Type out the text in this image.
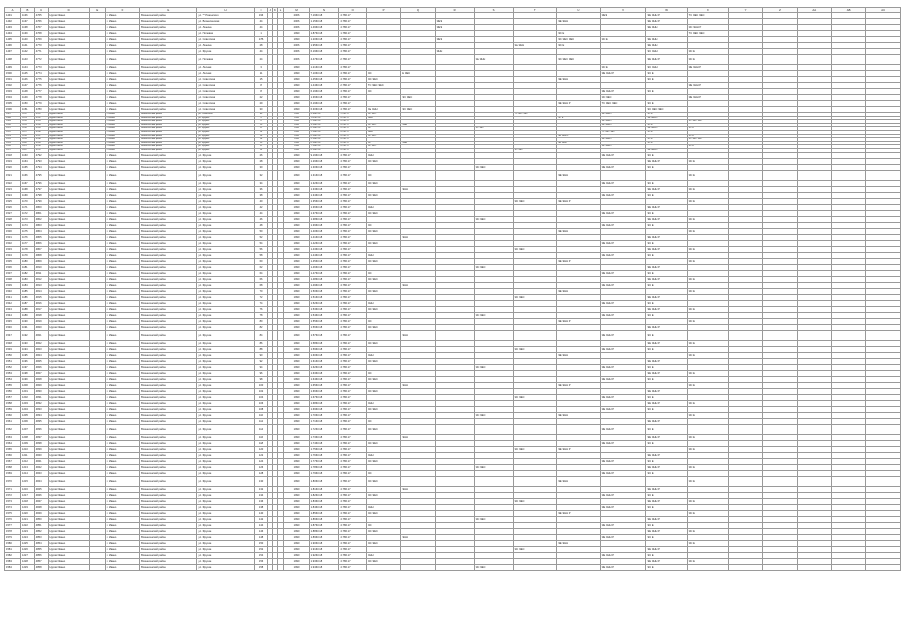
A	B	C	D	E	F	G	H	I	J	K	L	M	N	O	P	Q	R	S	T	U	V	W	X	Y	Z	AA	AB	AC
1491	1136	4765	Нуров Ивано		г. Ивано	Вознесенский район	ул. ** Розинского	196				2006	7.1963.18	4.786.17							ЭЕЭ	ЭЕ ЭНН Р	ТС ЭЕС ЭЕС					
1492	1137	4766	Нуров Ивано		г. Ивано	Вознесенский район	ул. Вознесенская	44				2006	1.1563.18	4.786.17			ЭЕЭ			ЭЕ ЭНН		ЭЕ ЭНН Р						
1493	1138	4767	Нуров Ивано		г. Ивано	Вознесенский район	ул. Ленина	44				2006	1.4963.18	4.786.17			ЭЕЭ					ЭЕ ЭНН	ЭС ЭНН Р					
1494	1139	4768	Нуров Ивано		г. Ивано	Вознесенский район	ул. Полевая	1				1990	1.8763.18	1.786.17						ЭС Е			ТС ЭЕС ЭЕС					
1495	1140	4769	Нуров Ивано		г. Ивано	Вознесенский район	ул. Советская	17Б				1990	1.2063.18	4.786.17			ЭЕЭ			ЭС ЭЕС ЭЕС	ЭС Е	ЭЕ ЭНН						
1496	1141	4770	Нуров Ивано		г. Ивано	Вознесенский район	ул. Ленина	28				2006	1.9563.18	1.786.17					Эн ЭНН	ЭС Е		ЭЕ ЭНН						
1497	1142	4771	Нуров Ивано		г. Ивано	Вознесенский район	ул. Фрунзе	44				2006	6.1963.18	4.786.17			ЭНН					ЭС ЭНН	ЭС Е					
1498	1143	4772	Нуров Ивано		г. Ивано	Вознесенский район	ул. Полевая	24				2006	4.4763.18	2.786.17				Эн ЭНН		ЭС ЭЕС ЭЕС		ЭЕ ЭНН Р	ЭС Е					
1499	1144	4773	Нуров Ивано		г. Ивано	Вознесенский район	ул. Лесная	3				1990	1.2163.18	4.786.17							ЭС Е	ЭС ЭНН	ЭЕ ЭНН Р					
1500	1145	4774	Нуров Ивано		г. Ивано	Вознесенский район	ул. Лесная	11				1990	7.1063.18	4.786.17	ЭС	Е ЭЕС					ЭЕ ЭНН Р	ЭС Е						
1501	1146	4775	Нуров Ивано		г. Ивано	Вознесенский район	ул. Советская	15				1990	1.4563.18	4.786.17	ЭС ЭЕС					ЭЕ ЭНН		ЭС Е						
1502	1147	4776	Нуров Ивано		г. Ивано	Вознесенский район	ул. Советская	8				1990	1.4463.18	2.786.17	ТС ЭЕС ЭЕС								ЭЕ ЭНН Р					
1503	1148	4777	Нуров Ивано		г. Ивано	Вознесенский район	ул. Советская	8				1990	6.1963.18	4.786.17	ЭС						ЭЕ ЭНН Р	ЭС Е						
1504	1149	4778	Нуров Ивано		г. Ивано	Вознесенский район	ул. Советская	22				1990	1.3663.18	4.786.17		ЭС ЭЕС					ЭС ЭЕС		ЭЕ ЭНН Р					
1505	1150	4779	Нуров Ивано		г. Ивано	Вознесенский район	ул. Советская	29				1990	6.1963.18	4.786.17						ЭЕ ЭНН Р	ТС ЭЕС ЭЕС	ЭС Е						
1506	1151	4780	Нуров Ивано		г. Ивано	Вознесенский район	ул. Советская	30				1990	6.3063.18	4.786.17	Эн ЭНН	ЭС ЭЕС						ЭС ЭЕС ЭЕС						
1507	1152	4781	Нуров Ивано		г. Ивано	Вознесенский район	ул. Советская	40				1990	4.1863.18	1.786.17	ЭС ЭЕС				ТС ЭЕС ЭЕС		ЭЕ ЭНН Р	ЭС Е						
1508	1153	4782	Нуров Ивано		г. Ивано	Вознесенский район	ул. Фрунзе	4				1990	1.4263.18	4.786.17	ЭНН					ЭС Е		ЭЕ ЭНН Р						
1509	1154	4783	Нуров Ивано		г. Ивано	Вознесенский район	ул. Фрунзе	6				1990	2.1963.18	4.786.17							ЭЕ ЭНН Р		ЭС ЭЕС ЭЕС					
1510	1155	4784	Нуров Ивано		г. Ивано	Вознесенский район	ул. Фрунзе	10				1990	3.1963.18	4.786.17	ЭС ЭЕС	ЭНН					ЭЕ ЭНН Р	ЭС Е						
1511	1156	4785	Нуров Ивано		г. Ивано	Вознесенский район	ул. Фрунзе	12				1990	6.1963.18	4.786.17	ЭС			ЭС ЭЕС				ЭЕ ЭНН Р	ЭС Е					
1512	1157	4786	Нуров Ивано		г. Ивано	Вознесенский район	ул. Фрунзе	14				1990	1.1963.18	4.786.17	ЭНН						ТС ЭЕС ЭЕС	ЭС Е						
1513	1158	4787	Нуров Ивано		г. Ивано	Вознесенский район	ул. Фрунзе	16				1990	6.1963.18	4.786.17	ЭС ЭЕС					ЭЕ ЭНН Р			ЭС Е					
1514	1159	4788	Нуров Ивано		г. Ивано	Вознесенский район	ул. Фрунзе	18				1990	5.1963.18	4.786.17							ЭЕ ЭНН Р	ЭС Е	ЭС ЭЕС ЭЕС					
1515	1160	4789	Нуров Ивано		г. Ивано	Вознесенский район	ул. Фрунзе	20				1990	6.1963.18	4.786.17	ЭС	ЭНН				ЭЕ ЭНН		ЭС Е						
1516	1161	4790	Нуров Ивано		г. Ивано	Вознесенский район	ул. Фрунзе	22				1990	7.1963.18	4.786.17	ЭС ЭЕС						ЭЕ ЭНН Р		ЭС Е					
1517	1162	4791	Нуров Ивано		г. Ивано	Вознесенский район	ул. Фрунзе	24				1990	8.1963.18	4.786.17					ЭС ЭЕС			ЭЕ ЭНН Р						
1518	1163	4792	Нуров Ивано		г. Ивано	Вознесенский район	ул. Фрунзе	26				1990	9.1963.18	4.786.17	ЭНН						ЭЕ ЭНН Р	ЭС Е						
1519	1164	4793	Нуров Ивано		г. Ивано	Вознесенский район	ул. Фрунзе	28				1990	1.2963.18	4.786.17	ЭС ЭЕС							ЭЕ ЭНН Р	ЭС Е					
1520	1165	4794	Нуров Ивано		г. Ивано	Вознесенский район	ул. Фрунзе	30				1990	1.3063.18	4.786.17				ЭС ЭЕС			ЭЕ ЭНН Р	ЭС Е						
1521	1166	4795	Нуров Ивано		г. Ивано	Вознесенский район	ул. Фрунзе	32				1990	1.3163.18	4.786.17	ЭС					ЭЕ ЭНН			ЭС Е					
1522	1167	4796	Нуров Ивано		г. Ивано	Вознесенский район	ул. Фрунзе	34				1990	1.3263.18	4.786.17	ЭС ЭЕС						ЭЕ ЭНН Р	ЭС Е						
1523	1168	4797	Нуров Ивано		г. Ивано	Вознесенский район	ул. Фрунзе	36				1990	1.3363.18	4.786.17		ЭНН						ЭЕ ЭНН Р	ЭС Е					
1524	1169	4798	Нуров Ивано		г. Ивано	Вознесенский район	ул. Фрунзе	38				1990	1.3463.18	4.786.17	ЭС ЭЕС						ЭЕ ЭНН Р	ЭС Е						
1525	1170	4799	Нуров Ивано		г. Ивано	Вознесенский район	ул. Фрунзе	40				1990	1.3563.18	4.786.17					ЭС ЭЕС	ЭЕ ЭНН Р			ЭС Е					
1526	1171	4800	Нуров Ивано		г. Ивано	Вознесенский район	ул. Фрунзе	42				1990	1.3663.18	4.786.17	ЭНН							ЭЕ ЭНН Р						
1527	1172	4801	Нуров Ивано		г. Ивано	Вознесенский район	ул. Фрунзе	44				1990	1.3763.18	4.786.17	ЭС ЭЕС						ЭЕ ЭНН Р	ЭС Е						
1528	1173	4802	Нуров Ивано		г. Ивано	Вознесенский район	ул. Фрунзе	46				1990	1.3863.18	4.786.17				ЭС ЭЕС				ЭЕ ЭНН Р	ЭС Е					
1529	1174	4803	Нуров Ивано		г. Ивано	Вознесенский район	ул. Фрунзе	48				1990	1.3963.18	4.786.17	ЭС						ЭЕ ЭНН Р	ЭС Е						
1530	1175	4804	Нуров Ивано		г. Ивано	Вознесенский район	ул. Фрунзе	50				1990	1.4063.18	4.786.17	ЭС ЭЕС					ЭЕ ЭНН			ЭС Е					
1531	1176	4805	Нуров Ивано		г. Ивано	Вознесенский район	ул. Фрунзе	52				1990	1.4163.18	4.786.17		ЭНН						ЭЕ ЭНН Р						
1532	1177	4806	Нуров Ивано		г. Ивано	Вознесенский район	ул. Фрунзе	54				1990	1.4263.18	4.786.17	ЭС ЭЕС						ЭЕ ЭНН Р	ЭС Е						
1533	1178	4807	Нуров Ивано		г. Ивано	Вознесенский район	ул. Фрунзе	56				1990	1.4363.18	4.786.17					ЭС ЭЕС			ЭЕ ЭНН Р	ЭС Е					
1534	1179	4808	Нуров Ивано		г. Ивано	Вознесенский район	ул. Фрунзе	58				1990	1.4463.18	4.786.17	ЭНН						ЭЕ ЭНН Р	ЭС Е						
1535	1180	4809	Нуров Ивано		г. Ивано	Вознесенский район	ул. Фрунзе	60				1990	1.4563.18	4.786.17	ЭС ЭЕС					ЭЕ ЭНН Р			ЭС Е					
1536	1181	4810	Нуров Ивано		г. Ивано	Вознесенский район	ул. Фрунзе	62				1990	1.4663.18	4.786.17				ЭС ЭЕС				ЭЕ ЭНН Р						
1537	1182	4811	Нуров Ивано		г. Ивано	Вознесенский район	ул. Фрунзе	64				1990	1.4763.18	4.786.17	ЭС						ЭЕ ЭНН Р	ЭС Е						
1538	1183	4812	Нуров Ивано		г. Ивано	Вознесенский район	ул. Фрунзе	66				1990	1.4863.18	4.786.17	ЭС ЭЕС							ЭЕ ЭНН Р	ЭС Е					
1539	1184	4813	Нуров Ивано		г. Ивано	Вознесенский район	ул. Фрунзе	68				1990	1.4963.18	4.786.17		ЭНН					ЭЕ ЭНН Р	ЭС Е						
1540	1185	4814	Нуров Ивано		г. Ивано	Вознесенский район	ул. Фрунзе	70				1990	1.5063.18	4.786.17	ЭС ЭЕС					ЭЕ ЭНН			ЭС Е					
1541	1186	4815	Нуров Ивано		г. Ивано	Вознесенский район	ул. Фрунзе	72				1990	1.5163.18	4.786.17					ЭС ЭЕС			ЭЕ ЭНН Р						
1542	1187	4816	Нуров Ивано		г. Ивано	Вознесенский район	ул. Фрунзе	74				1990	1.5263.18	4.786.17	ЭНН						ЭЕ ЭНН Р	ЭС Е						
1543	1188	4817	Нуров Ивано		г. Ивано	Вознесенский район	ул. Фрунзе	76				1990	1.5363.18	4.786.17	ЭС ЭЕС							ЭЕ ЭНН Р	ЭС Е					
1544	1189	4818	Нуров Ивано		г. Ивано	Вознесенский район	ул. Фрунзе	78				1990	1.5463.18	4.786.17				ЭС ЭЕС			ЭЕ ЭНН Р	ЭС Е						
1545	1190	4819	Нуров Ивано		г. Ивано	Вознесенский район	ул. Фрунзе	80				1990	1.5563.18	4.786.17	ЭС					ЭЕ ЭНН Р			ЭС Е					
1546	1191	4820	Нуров Ивано		г. Ивано	Вознесенский район	ул. Фрунзе	82				1990	1.5663.18	4.786.17	ЭС ЭЕС							ЭЕ ЭНН Р						
1547	1192	4821	Нуров Ивано		г. Ивано	Вознесенский район	ул. Фрунзе	84				1990	1.5763.18	4.786.17		ЭНН					ЭЕ ЭНН Р	ЭС Е						
1548	1193	4822	Нуров Ивано		г. Ивано	Вознесенский район	ул. Фрунзе	86				1990	1.5863.18	4.786.17	ЭС ЭЕС							ЭЕ ЭНН Р	ЭС Е					
1549	1194	4823	Нуров Ивано		г. Ивано	Вознесенский район	ул. Фрунзе	88				1990	1.5963.18	4.786.17					ЭС ЭЕС		ЭЕ ЭНН Р	ЭС Е						
1550	1195	4824	Нуров Ивано		г. Ивано	Вознесенский район	ул. Фрунзе	90				1990	1.6063.18	4.786.17	ЭНН					ЭЕ ЭНН			ЭС Е					
1551	1196	4825	Нуров Ивано		г. Ивано	Вознесенский район	ул. Фрунзе	92				1990	1.6163.18	4.786.17	ЭС ЭЕС							ЭЕ ЭНН Р						
1552	1197	4826	Нуров Ивано		г. Ивано	Вознесенский район	ул. Фрунзе	94				1990	1.6263.18	4.786.17				ЭС ЭЕС			ЭЕ ЭНН Р	ЭС Е						
1553	1198	4827	Нуров Ивано		г. Ивано	Вознесенский район	ул. Фрунзе	96				1990	1.6363.18	4.786.17	ЭС							ЭЕ ЭНН Р	ЭС Е					
1554	1199	4828	Нуров Ивано		г. Ивано	Вознесенский район	ул. Фрунзе	98				1990	1.6463.18	4.786.17	ЭС ЭЕС						ЭЕ ЭНН Р	ЭС Е						
1555	1200	4829	Нуров Ивано		г. Ивано	Вознесенский район	ул. Фрунзе	100				1990	1.6563.18	4.786.17		ЭНН				ЭЕ ЭНН Р			ЭС Е					
1556	1201	4830	Нуров Ивано		г. Ивано	Вознесенский район	ул. Фрунзе	102				1990	1.6663.18	4.786.17	ЭС ЭЕС							ЭЕ ЭНН Р						
1557	1202	4831	Нуров Ивано		г. Ивано	Вознесенский район	ул. Фрунзе	104				1990	1.6763.18	4.786.17					ЭС ЭЕС		ЭЕ ЭНН Р	ЭС Е						
1558	1203	4832	Нуров Ивано		г. Ивано	Вознесенский район	ул. Фрунзе	106				1990	1.6863.18	4.786.17	ЭНН							ЭЕ ЭНН Р	ЭС Е					
1559	1204	4833	Нуров Ивано		г. Ивано	Вознесенский район	ул. Фрунзе	108				1990	1.6963.18	4.786.17	ЭС ЭЕС						ЭЕ ЭНН Р	ЭС Е						
1560	1205	4834	Нуров Ивано		г. Ивано	Вознесенский район	ул. Фрунзе	110				1990	1.7063.18	4.786.17				ЭС ЭЕС		ЭЕ ЭНН			ЭС Е					
1561	1206	4835	Нуров Ивано		г. Ивано	Вознесенский район	ул. Фрунзе	112				1990	1.7163.18	4.786.17	ЭС							ЭЕ ЭНН Р						
1562	1207	4836	Нуров Ивано		г. Ивано	Вознесенский район	ул. Фрунзе	114				1990	1.7263.18	4.786.17	ЭС ЭЕС						ЭЕ ЭНН Р	ЭС Е						
1563	1208	4837	Нуров Ивано		г. Ивано	Вознесенский район	ул. Фрунзе	116				1990	1.7363.18	4.786.17		ЭНН						ЭЕ ЭНН Р	ЭС Е					
1564	1209	4838	Нуров Ивано		г. Ивано	Вознесенский район	ул. Фрунзе	118				1990	1.7463.18	4.786.17	ЭС ЭЕС						ЭЕ ЭНН Р	ЭС Е						
1565	1210	4839	Нуров Ивано		г. Ивано	Вознесенский район	ул. Фрунзе	120				1990	1.7563.18	4.786.17					ЭС ЭЕС	ЭЕ ЭНН Р			ЭС Е					
1566	1211	4840	Нуров Ивано		г. Ивано	Вознесенский район	ул. Фрунзе	122				1990	1.7663.18	4.786.17	ЭНН							ЭЕ ЭНН Р						
1567	1212	4841	Нуров Ивано		г. Ивано	Вознесенский район	ул. Фрунзе	124				1990	1.7763.18	4.786.17	ЭС ЭЕС						ЭЕ ЭНН Р	ЭС Е						
1568	1213	4842	Нуров Ивано		г. Ивано	Вознесенский район	ул. Фрунзе	126				1990	1.7863.18	4.786.17				ЭС ЭЕС				ЭЕ ЭНН Р	ЭС Е					
1569	1214	4843	Нуров Ивано		г. Ивано	Вознесенский район	ул. Фрунзе	128				1990	1.7963.18	4.786.17	ЭС						ЭЕ ЭНН Р	ЭС Е						
1570	1215	4844	Нуров Ивано		г. Ивано	Вознесенский район	ул. Фрунзе	130				1990	1.8063.18	4.786.17	ЭС ЭЕС					ЭЕ ЭНН			ЭС Е					
1571	1216	4845	Нуров Ивано		г. Ивано	Вознесенский район	ул. Фрунзе	132				1990	1.8163.18	4.786.17		ЭНН						ЭЕ ЭНН Р						
1572	1217	4846	Нуров Ивано		г. Ивано	Вознесенский район	ул. Фрунзе	134				1990	1.8263.18	4.786.17	ЭС ЭЕС						ЭЕ ЭНН Р	ЭС Е						
1573	1218	4847	Нуров Ивано		г. Ивано	Вознесенский район	ул. Фрунзе	136				1990	1.8363.18	4.786.17					ЭС ЭЕС			ЭЕ ЭНН Р	ЭС Е					
1574	1219	4848	Нуров Ивано		г. Ивано	Вознесенский район	ул. Фрунзе	138				1990	1.8463.18	4.786.17	ЭНН						ЭЕ ЭНН Р	ЭС Е						
1575	1220	4849	Нуров Ивано		г. Ивано	Вознесенский район	ул. Фрунзе	140				1990	1.8563.18	4.786.17	ЭС ЭЕС					ЭЕ ЭНН Р			ЭС Е					
1576	1221	4850	Нуров Ивано		г. Ивано	Вознесенский район	ул. Фрунзе	142				1990	1.8663.18	4.786.17				ЭС ЭЕС				ЭЕ ЭНН Р						
1577	1222	4851	Нуров Ивано		г. Ивано	Вознесенский район	ул. Фрунзе	144				1990	1.8763.18	4.786.17	ЭС						ЭЕ ЭНН Р	ЭС Е						
1578	1223	4852	Нуров Ивано		г. Ивано	Вознесенский район	ул. Фрунзе	146				1990	1.8863.18	4.786.17	ЭС ЭЕС							ЭЕ ЭНН Р	ЭС Е					
1579	1224	4853	Нуров Ивано		г. Ивано	Вознесенский район	ул. Фрунзе	148				1990	1.8963.18	4.786.17		ЭНН					ЭЕ ЭНН Р	ЭС Е						
1580	1225	4854	Нуров Ивано		г. Ивано	Вознесенский район	ул. Фрунзе	150				1990	1.9063.18	4.786.17	ЭС ЭЕС					ЭЕ ЭНН			ЭС Е					
1581	1226	4855	Нуров Ивано		г. Ивано	Вознесенский район	ул. Фрунзе	152				1990	1.9163.18	4.786.17					ЭС ЭЕС			ЭЕ ЭНН Р						
1582	1227	4856	Нуров Ивано		г. Ивано	Вознесенский район	ул. Фрунзе	154				1990	1.9263.18	4.786.17	ЭНН						ЭЕ ЭНН Р	ЭС Е						
1583	1228	4857	Нуров Ивано		г. Ивано	Вознесенский район	ул. Фрунзе	156				1990	1.9363.18	4.786.17	ЭС ЭЕС							ЭЕ ЭНН Р	ЭС Е					
1584	1229	4858	Нуров Ивано		г. Ивано	Вознесенский район	ул. Фрунзе	158				1990	1.9463.18	4.786.17				ЭС ЭЕС			ЭЕ ЭНН Р	ЭС Е						
